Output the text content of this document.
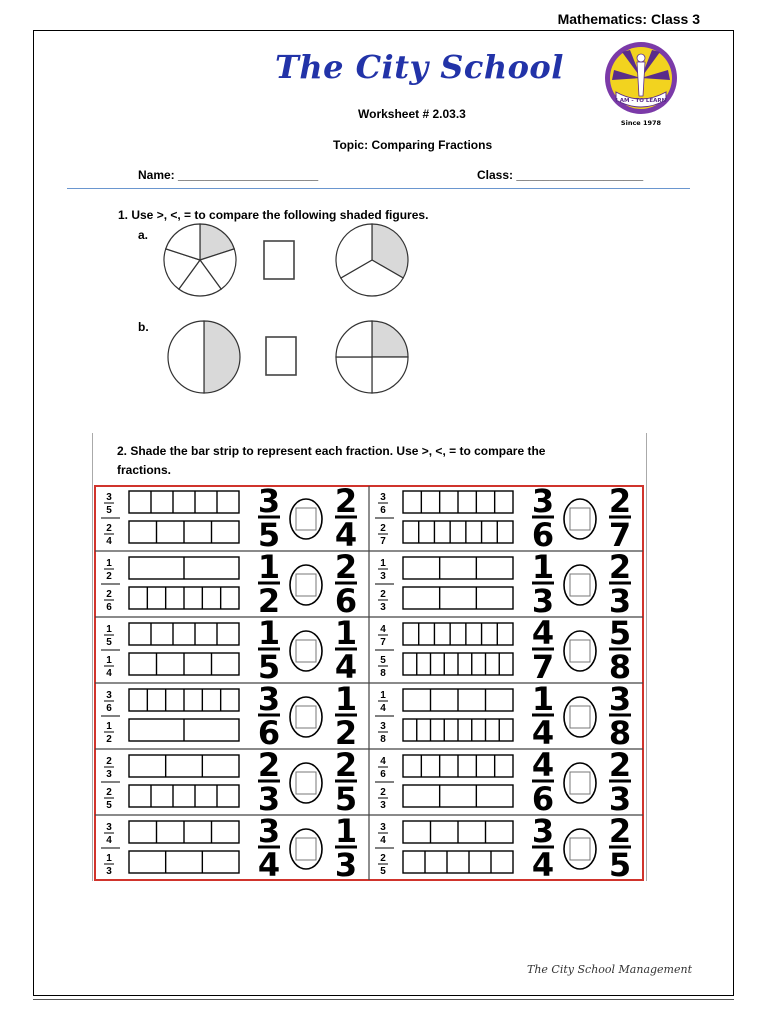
Mathematics: Class 3
The City School
I AM - TO LEARN
Since 1978
Worksheet # 2.03.3
Topic: Comparing Fractions
Name: _____________________	Class: ___________________
1. Use >, <, = to compare the following shaded figures.
a.
b.
2. Shade the bar strip to represent each fraction. Use >, <, = to compare the fractions.
3
5
2
4
3
5
2
4
3
6
2
7
3
6
2
7
1
2
2
6
1
2
2
6
1
3
2
3
1
3
2
3
1
5
1
4
1
5
1
4
4
7
5
8
4
7
5
8
3
6
1
2
3
6
1
2
1
4
3
8
1
4
3
8
2
3
2
5
2
3
2
5
4
6
2
3
4
6
2
3
3
4
1
3
3
4
1
3
3
4
2
5
3
4
2
5
The City School Management
